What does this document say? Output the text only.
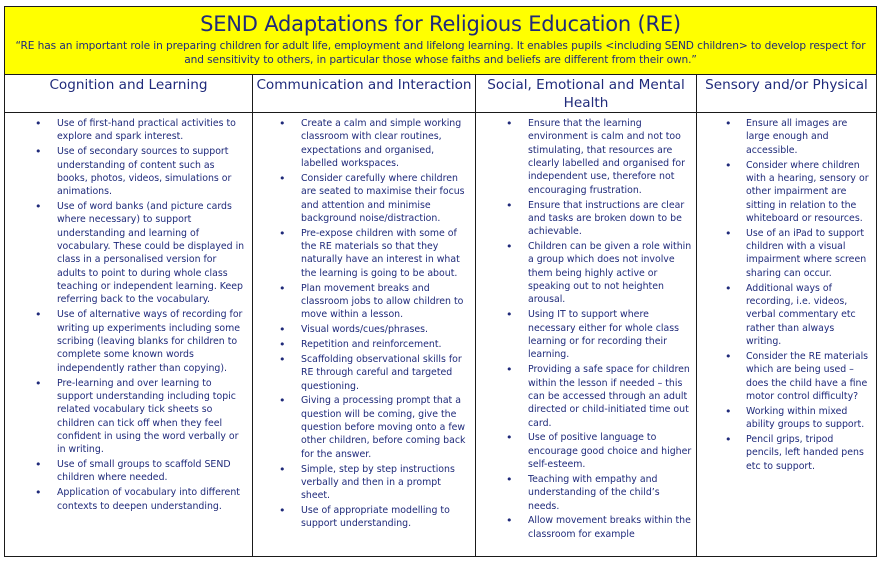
SEND Adaptations for Religious Education (RE)
“RE has an important role in preparing children for adult life, employment and lifelong learning. It enables pupils <including SEND children> to develop respect for and sensitivity to others, in particular those whose faiths and beliefs are different from their own.”
Cognition and Learning
• Use of first-hand practical activities to explore and spark interest.
• Use of secondary sources to support understanding of content such as books, photos, videos, simulations or animations.
• Use of word banks (and picture cards where necessary) to support understanding and learning of vocabulary. These could be displayed in class in a personalised version for adults to point to during whole class teaching or independent learning. Keep referring back to the vocabulary.
• Use of alternative ways of recording for writing up experiments including some scribing (leaving blanks for children to complete some known words independently rather than copying).
• Pre-learning and over learning to support understanding including topic related vocabulary tick sheets so children can tick off when they feel confident in using the word verbally or in writing.
• Use of small groups to scaffold SEND children where needed.
• Application of vocabulary into different contexts to deepen understanding.
Communication and Interaction
• Create a calm and simple working classroom with clear routines, expectations and organised, labelled workspaces.
• Consider carefully where children are seated to maximise their focus and attention and minimise background noise/distraction.
• Pre-expose children with some of the RE materials so that they naturally have an interest in what the learning is going to be about.
• Plan movement breaks and classroom jobs to allow children to move within a lesson.
• Visual words/cues/phrases.
• Repetition and reinforcement.
• Scaffolding observational skills for RE through careful and targeted questioning.
• Giving a processing prompt that a question will be coming, give the question before moving onto a few other children, before coming back for the answer.
• Simple, step by step instructions verbally and then in a prompt sheet.
• Use of appropriate modelling to support understanding.
Social, Emotional and Mental Health
• Ensure that the learning environment is calm and not too stimulating, that resources are clearly labelled and organised for independent use, therefore not encouraging frustration.
• Ensure that instructions are clear and tasks are broken down to be achievable.
• Children can be given a role within a group which does not involve them being highly active or speaking out to not heighten arousal.
• Using IT to support where necessary either for whole class learning or for recording their learning.
• Providing a safe space for children within the lesson if needed – this can be accessed through an adult directed or child-initiated time out card.
• Use of positive language to encourage good choice and higher self-esteem.
• Teaching with empathy and understanding of the child’s needs.
• Allow movement breaks within the classroom for example
Sensory and/or Physical
• Ensure all images are large enough and accessible.
• Consider where children with a hearing, sensory or other impairment are sitting in relation to the whiteboard or resources.
• Use of an iPad to support children with a visual impairment where screen sharing can occur.
• Additional ways of recording, i.e. videos, verbal commentary etc rather than always writing.
• Consider the RE materials which are being used – does the child have a fine motor control difficulty?
• Working within mixed ability groups to support.
• Pencil grips, tripod pencils, left handed pens etc to support.
